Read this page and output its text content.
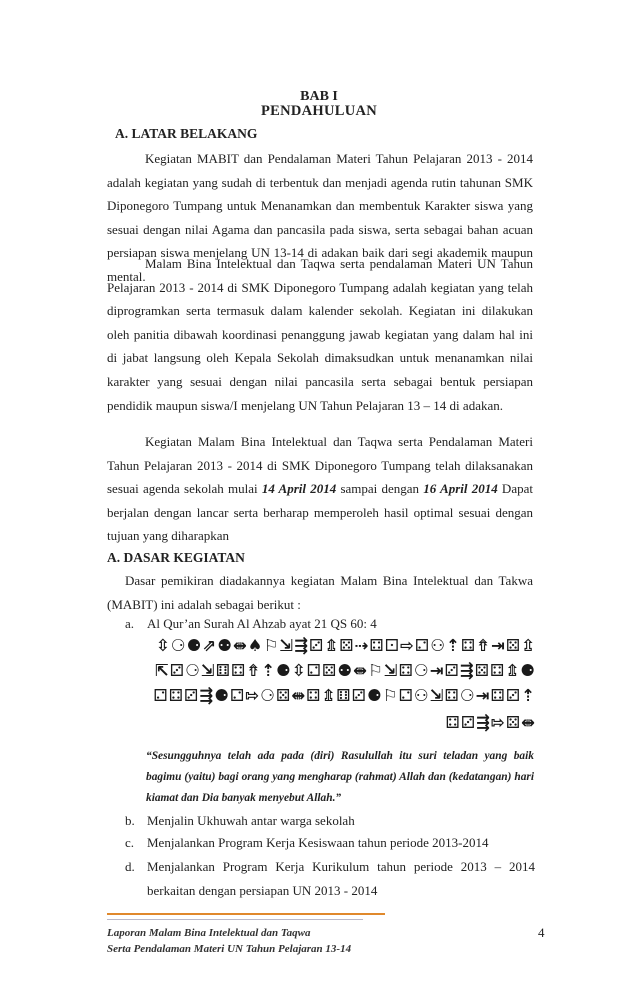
BAB I
PENDAHULUAN
A. LATAR BELAKANG
Kegiatan MABIT dan Pendalaman Materi Tahun Pelajaran 2013 - 2014 adalah kegiatan yang sudah di terbentuk dan menjadi agenda rutin tahunan SMK Diponegoro Tumpang untuk Menanamkan dan membentuk Karakter siswa yang sesuai dengan nilai Agama dan pancasila pada siswa, serta sebagai bahan acuan persiapan siswa menjelang UN 13-14 di adakan baik dari segi akademik maupun mental.
Malam Bina Intelektual dan Taqwa serta pendalaman Materi UN Tahun Pelajaran 2013 - 2014 di SMK Diponegoro Tumpang adalah kegiatan yang telah diprogramkan serta termasuk dalam kalender sekolah. Kegiatan ini dilakukan oleh panitia dibawah koordinasi penanggung jawab kegiatan yang dalam hal ini di jabat langsung oleh Kepala Sekolah dimaksudkan untuk menanamkan nilai karakter yang sesuai dengan nilai pancasila serta sebagai bentuk persiapan pendidik maupun siswa/I menjelang UN Tahun Pelajaran 13 – 14 di adakan.
Kegiatan Malam Bina Intelektual dan Taqwa serta Pendalaman Materi Tahun Pelajaran 2013 - 2014 di SMK Diponegoro Tumpang telah dilaksanakan sesuai agenda sekolah mulai 14 April 2014 sampai dengan 16 April 2014 Dapat berjalan dengan lancar serta berharap memperoleh hasil optimal sesuai dengan tujuan yang diharapkan
A. DASAR KEGIATAN
Dasar pemikiran diadakannya kegiatan Malam Bina Intelektual dan Takwa (MABIT) ini adalah sebagai berikut :
a. Al Qur’an Surah Al Ahzab ayat 21 QS 60: 4
⇳⚆⚈⇗⚉⇼♠⚐⇲⇶⚂⇭⚄⇢⚃⚀⇨⚁⚇⇡⚃⇮⇥⚄⇫
⇱⚂⚆⇲⚅⚃⇮⇡⚈⇳⚁⚄⚉⇼⚐⇲⚃⚆⇥⚂⇶⚄⚃⇭⚈
⚁⚃⚂⇶⚈⚁⇰⚆⚄⇼⚃⇭⚅⚂⚈⚐⚁⚇⇲⚃⚆⇥⚃⚂⇡
⚃⚂⇶⇰⚄⇼
“Sesungguhnya telah ada pada (diri) Rasulullah itu suri teladan yang baik bagimu (yaitu) bagi orang yang mengharap (rahmat) Allah dan (kedatangan) hari kiamat dan Dia banyak menyebut Allah.”
b. Menjalin Ukhuwah antar warga sekolah
c. Menjalankan Program Kerja Kesiswaan tahun periode 2013-2014
d. Menjalankan Program Kerja Kurikulum tahun periode 2013 – 2014 berkaitan dengan persiapan UN 2013 - 2014
Laporan Malam Bina Intelektual dan Taqwa
Serta Pendalaman Materi UN Tahun Pelajaran 13-14
4
